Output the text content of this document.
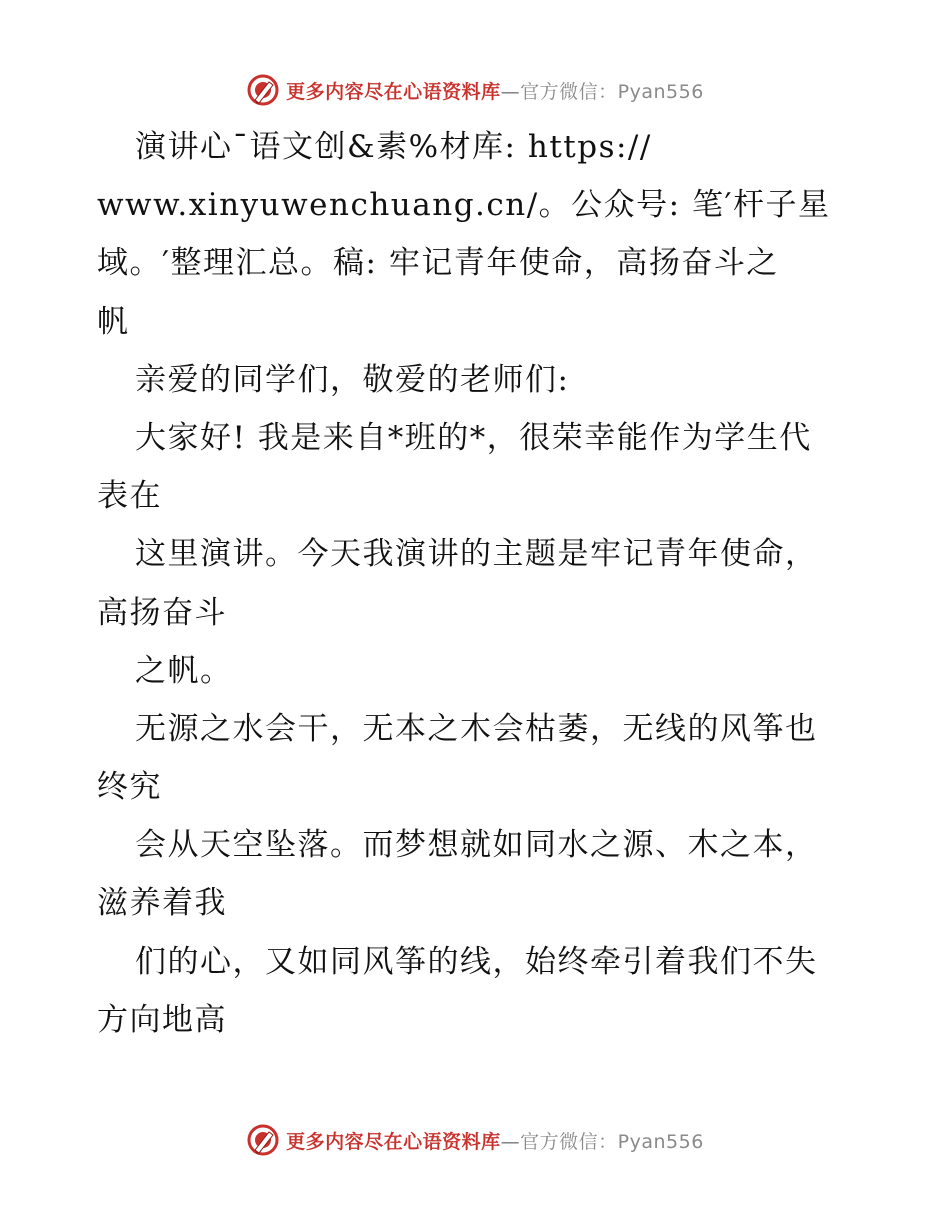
更多内容尽在心语资料库—官方微信：Pyan556
演讲心¯语文创&素%材库: https://
www.xinyuwenchuang.cn/。公众号: 笔′杆子星
域。′整理汇总。稿: 牢记青年使命，高扬奋斗之
帆
亲爱的同学们，敬爱的老师们:
大家好! 我是来自*班的*，很荣幸能作为学生代
表在
这里演讲。今天我演讲的主题是牢记青年使命，
高扬奋斗
之帆。
无源之水会干，无本之木会枯萎，无线的风筝也
终究
会从天空坠落。而梦想就如同水之源、木之本，
滋养着我
们的心，又如同风筝的线，始终牵引着我们不失
方向地高
更多内容尽在心语资料库—官方微信：Pyan556
